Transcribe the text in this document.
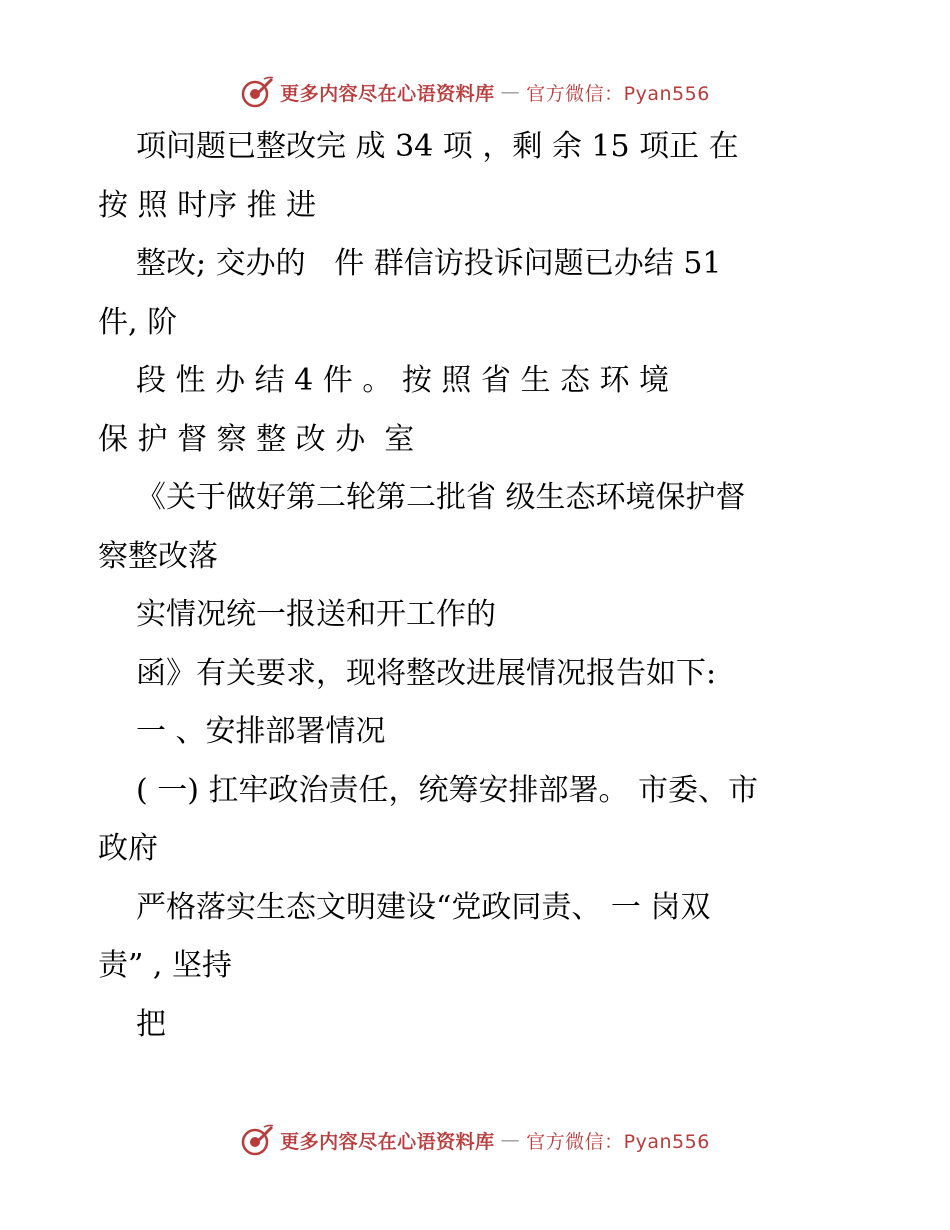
更多内容尽在心语资料库 — 官方微信：Pyan556
项问题已整改完 成 34 项 ，剩 余 15 项正 在
按 照 时序 推 进
整改; 交办的   件 群信访投诉问题已办结 51
件, 阶
段 性 办 结 4 件 。 按 照 省 生 态 环 境
保 护 督 察 整 改 办  室
《关于做好第二轮第二批省 级生态环境保护督
察整改落
实情况统一报送和开工作的
函》有关要求，现将整改进展情况报告如下:
一 、安排部署情况
( 一) 扛牢政治责任，统筹安排部署。 市委、市
政府
严格落实生态文明建设“党政同责、 一 岗双
责” , 坚持
把
更多内容尽在心语资料库 — 官方微信：Pyan556
